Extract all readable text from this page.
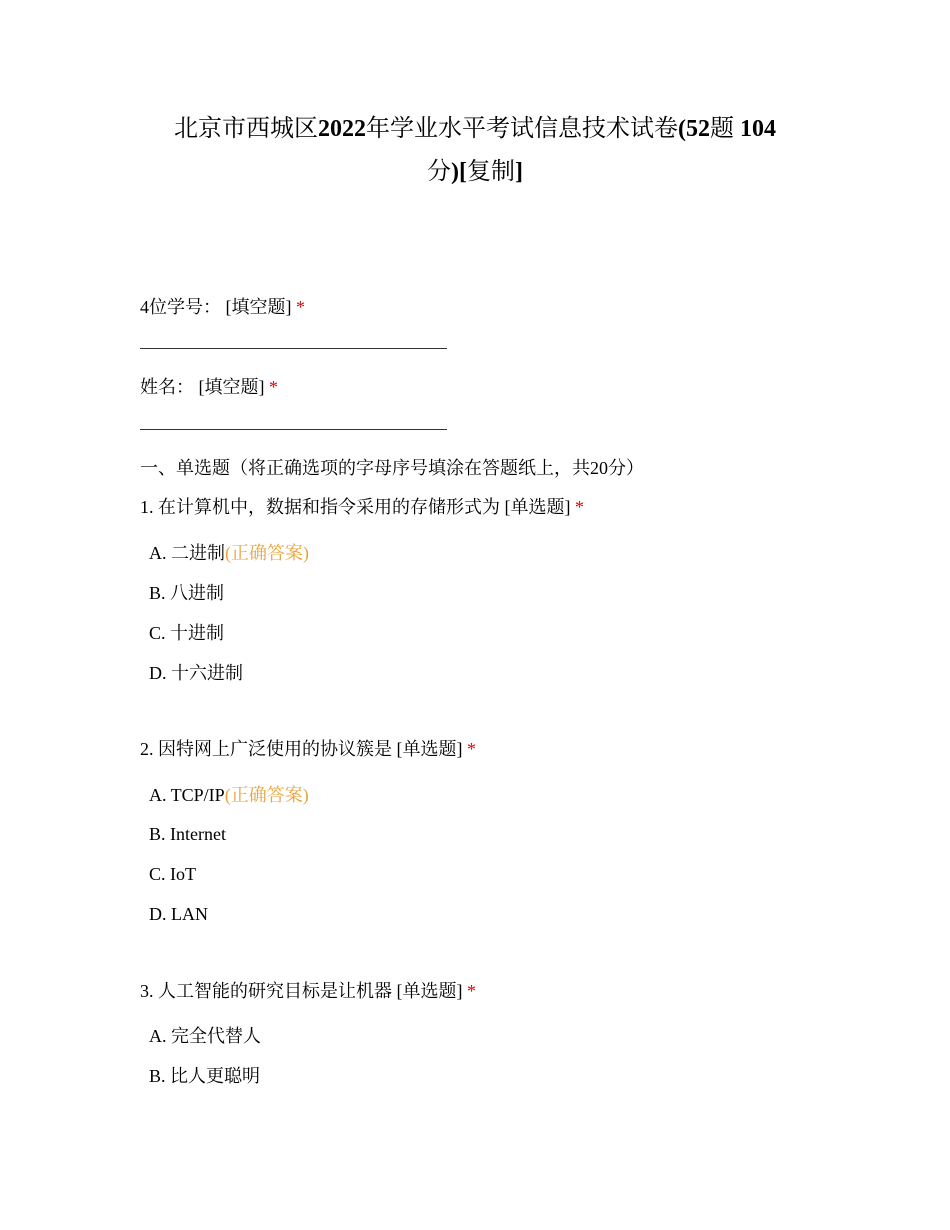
北京市西城区2022年学业水平考试信息技术试卷(52题 104
分)[复制]
4位学号： [填空题] *
姓名： [填空题] *
一、单选题（将正确选项的字母序号填涂在答题纸上，共20分）
1. 在计算机中，数据和指令采用的存储形式为 [单选题] *
A. 二进制(正确答案)
B. 八进制
C. 十进制
D. 十六进制
2. 因特网上广泛使用的协议簇是 [单选题] *
A. TCP/IP(正确答案)
B. Internet
C. IoT
D. LAN
3. 人工智能的研究目标是让机器 [单选题] *
A. 完全代替人
B. 比人更聪明
